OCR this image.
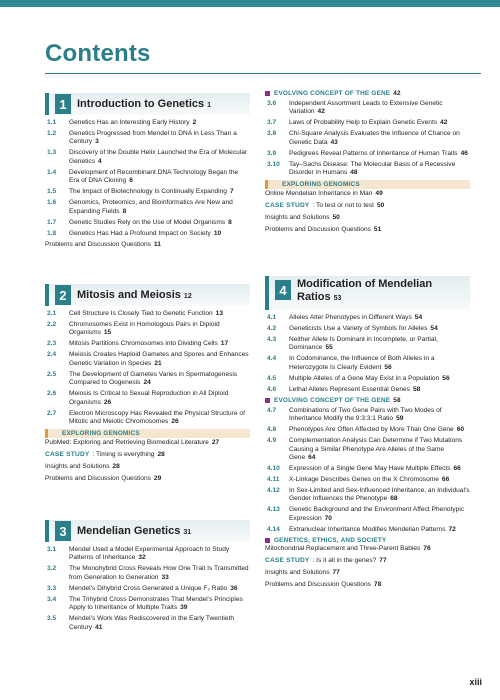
Contents
1 Introduction to Genetics 1
1.1	Genetics Has an Interesting Early History 2
1.2	Genetics Progressed from Mendel to DNA in Less Than a Century 3
1.3	Discovery of the Double Helix Launched the Era of Molecular Genetics 4
1.4	Development of Recombinant DNA Technology Began the Era of DNA Cloning 6
1.5	The Impact of Biotechnology Is Continually Expanding 7
1.6	Genomics, Proteomics, and Bioinformatics Are New and Expanding Fields 8
1.7	Genetic Studies Rely on the Use of Model Organisms 8
1.8	Genetics Has Had a Profound Impact on Society 10
Problems and Discussion Questions 11
2 Mitosis and Meiosis 12
2.1	Cell Structure Is Closely Tied to Genetic Function 13
2.2	Chromosomes Exist in Homologous Pairs in Diploid Organisms 15
2.3	Mitosis Partitions Chromosomes into Dividing Cells 17
2.4	Meiosis Creates Haploid Gametes and Spores and Enhances Genetic Variation in Species 21
2.5	The Development of Gametes Varies in Spermatogenesis Compared to Oogenesis 24
2.6	Meiosis Is Critical to Sexual Reproduction in All Diploid Organisms 26
2.7	Electron Microscopy Has Revealed the Physical Structure of Mitotic and Meiotic Chromosomes 26
EXPLORING GENOMICS
PubMed: Exploring and Retrieving Biomedical Literature 27
CASE STUDY : Timing is everything 28
Insights and Solutions 28
Problems and Discussion Questions 29
3 Mendelian Genetics 31
3.1	Mendel Used a Model Experimental Approach to Study Patterns of Inheritance 32
3.2	The Monohybrid Cross Reveals How One Trait Is Transmitted from Generation to Generation 33
3.3	Mendel’s Dihybrid Cross Generated a Unique F₂ Ratio 36
3.4	The Trihybrid Cross Demonstrates That Mendel’s Principles Apply to Inheritance of Multiple Traits 39
3.5	Mendel’s Work Was Rediscovered in the Early Twentieth Century 41
EVOLVING CONCEPT OF THE GENE 42
3.6	Independent Assortment Leads to Extensive Genetic Variation 42
3.7	Laws of Probability Help to Explain Genetic Events 42
3.8	Chi-Square Analysis Evaluates the Influence of Chance on Genetic Data 43
3.9	Pedigrees Reveal Patterns of Inheritance of Human Traits 46
3.10	Tay–Sachs Disease: The Molecular Basis of a Recessive Disorder in Humans 48
EXPLORING GENOMICS
Online Mendelian Inheritance in Man 49
CASE STUDY : To test or not to test 50
Insights and Solutions 50
Problems and Discussion Questions 51
4 Modification of Mendelian Ratios 53
4.1	Alleles Alter Phenotypes in Different Ways 54
4.2	Geneticists Use a Variety of Symbols for Alleles 54
4.3	Neither Allele Is Dominant in Incomplete, or Partial, Dominance 55
4.4	In Codominance, the Influence of Both Alleles in a Heterozygote Is Clearly Evident 56
4.5	Multiple Alleles of a Gene May Exist in a Population 56
4.6	Lethal Alleles Represent Essential Genes 58
EVOLVING CONCEPT OF THE GENE 58
4.7	Combinations of Two Gene Pairs with Two Modes of Inheritance Modify the 9:3:3:1 Ratio 59
4.8	Phenotypes Are Often Affected by More Than One Gene 60
4.9	Complementation Analysis Can Determine if Two Mutations Causing a Similar Phenotype Are Alleles of the Same Gene 64
4.10	Expression of a Single Gene May Have Multiple Effects 66
4.11	X-Linkage Describes Genes on the X Chromosome 66
4.12	In Sex-Limited and Sex-Influenced Inheritance, an Individual’s Gender Influences the Phenotype 68
4.13	Genetic Background and the Environment Affect Phenotypic Expression 70
4.14	Extranuclear Inheritance Modifies Mendelian Patterns 72
GENETICS, ETHICS, AND SOCIETY
Mitochondrial Replacement and Three-Parent Babies 76
CASE STUDY : Is it all in the genes? 77
Insights and Solutions 77
Problems and Discussion Questions 78
xiii
